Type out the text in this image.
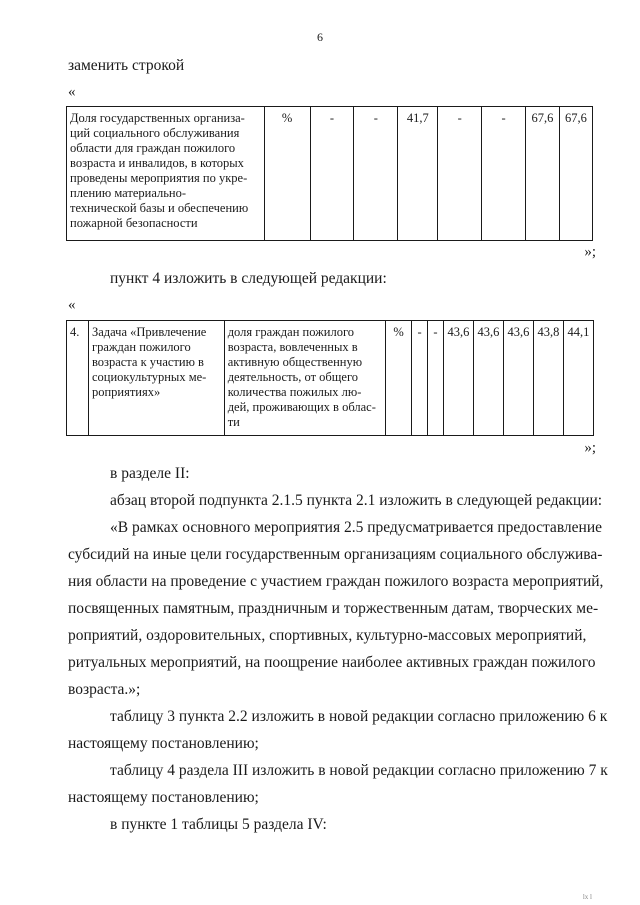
6
заменить строкой
«
Доля государственных организа-
ций социального обслуживания
области для граждан пожилого
возраста и инвалидов, в которых
проведены мероприятия по укре-
плению материально-
технической базы и обеспечению
пожарной безопасности	%	-	-	41,7	-	-	67,6	67,6
»;
пункт 4 изложить в следующей редакции:
«
4.	Задача «Привлечение
граждан пожилого
возраста к участию в
социокультурных ме-
роприятиях»	доля граждан пожилого
возраста, вовлеченных в
активную общественную
деятельность, от общего
количества пожилых лю-
дей, проживающих в облас-
ти	%	-	-	43,6	43,6	43,6	43,8	44,1
»;
в разделе II:
абзац второй подпункта 2.1.5 пункта 2.1 изложить в следующей редакции:
«В рамках основного мероприятия 2.5 предусматривается предоставление
субсидий на иные цели государственным организациям социального обслужива-
ния области на проведение с участием граждан пожилого возраста мероприятий,
посвященных памятным, праздничным и торжественным датам, творческих ме-
роприятий, оздоровительных, спортивных, культурно-массовых мероприятий,
ритуальных мероприятий, на поощрение наиболее активных граждан пожилого
возраста.»;
таблицу 3 пункта 2.2 изложить в новой редакции согласно приложению 6 к
настоящему постановлению;
таблицу 4 раздела III изложить в новой редакции согласно приложению 7 к
настоящему постановлению;
в пункте 1 таблицы 5 раздела IV:
lx l
